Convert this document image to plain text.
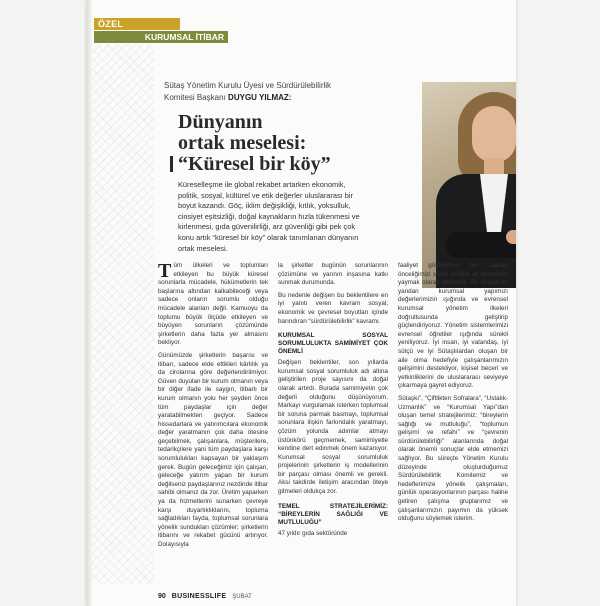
ÖZEL
KURUMSAL İTİBAR
Sütaş Yönetim Kurulu Üyesi ve Sürdürülebilirlik Komitesi Başkanı DUYGU YILMAZ:
Dünyanın
ortak meselesi:
“Küresel bir köy”
Küreselleşme ile global rekabet artarken ekonomik, politik, sosyal, kültürel ve etik değerler uluslararası bir boyut kazandı. Göç, iklim değişikliği, kıtlık, yoksulluk, cinsiyet eşitsizliği, doğal kaynakların hızla tükenmesi ve kirlenmesi, gıda güvenilirliği, arz güvenliği gibi pek çok konu artık “küresel bir köy” olarak tanımlanan dünyanın ortak meselesi.

Tüm ülkeleri ve toplumları etkileyen bu büyük küresel sorunlarla mücadele, hükümetlerin tek başlarına altından kalkabileceği veya sadece onların sorumlu olduğu mücadele alanları değil. Kamuoyu da toplumu büyük ölçüde etkileyen ve büyüyen sorunların çözümünde şirketlerin daha fazla yer almasını bekliyor.

Günümüzde şirketlerin başarısı ve itibarı, sadece elde ettikleri kârlılık ya da cirolarına göre değerlendirilmiyor. Güven duyulan bir kurum olmanın veya bir diğer ifade ile saygın, itibarlı bir kurum olmanın yolu her şeyden önce tüm paydaşlar için değer yaratabilmekten geçiyor. Sadece hissedarlara ve yatırımcılara ekonomik değer yaratmanın çok daha ötesine geçebilmek, çalışanlara, müşterilere, tedarikçilere yani tüm paydaşlara karşı sorumlulukları kapsayan bir yaklaşım gerek. Bugün geleceğimiz için çalışan, geleceğe yatırım yapan bir kurum değilseniz paydaşlarınız nezdinde itibar sahibi olmanız da zor. Üretim yaparken ya da hizmetlerini sunarken çevreye karşı duyarlıklıklarını, topluma sağladıkları fayda, toplumsal sorunlara yönelik sundukları çözümler; şirketlerin itibarını ve rekabet gücünü artırıyor. Dolayısıyla

la şirketler bugünün sorunlarının çözümüne ve yarının inşasına katkı sunmak durumunda.

Bu nedenle değişen bu beklentilere en iyi yanıtı veren kavram sosyal, ekonomik ve çevresel boyutları içinde barındıran “sürdürülebilirlik” kavramı.

KURUMSAL SOSYAL SORUMLULUKTA SAMİMİYET ÇOK ÖNEMLİ

Değişen beklentiler, son yıllarda kurumsal sosyal sorumluluk adı altına geliştirilen proje sayısını da doğal olarak artırdı. Burada samimiyetin çok değerli olduğunu düşünüyorum. Markayı vurgulamak isterken toplumsal bir soruna parmak basmayı, toplumsal sorunlara ilişkin farkındalık yaratmayı, çözüm yolunda adımlar atmayı üstünkörü geçmemek, samimiyetle kendine dert edinmek önem kazanıyor. Kurumsal sosyal sorumluluk projelerinin şirketlerin iş modellerinin bir parçası olması önemli ve gerekli. Aksi takdirde iletişim aracından öteye gitmeleri oldukça zor.

TEMEL STRATEJİLERİMİZ: “BİREYLERİN SAĞLIĞI VE MUTLULUĞU”

47 yıldır gıda sektöründe

faaliyet gösterirken her zaman önceliğimizi sütün iyiliğini ve bereketini yaymak olarak belirledik. Bu sırada bir yandan kurumsal yapımızı değerlerimizin ışığında ve evrensel kurumsal yönetim ilkeleri doğrultusunda geliştirip güçlendiriyoruz. Yönetim sistemlerimizi evrensel öğretiler ışığında sürekli yeniliyoruz. İyi insan, iyi vatandaş, iyi sütçü ve iyi Sütaşlılardan oluşan bir aile olma hedefiyle çalışanlarımızın gelişimini destekliyor, kişisel beceri ve yetkinliklerini de uluslararası seviyeye çıkarmaya gayret ediyoruz.

Sütaşkı”, “Çiftlikten Sofralara”, “Ustalık-Uzmanlık” ve “Kurumsal Yapı”dan oluşan temel stratejilerimiz; “bireylerin sağlığı ve mutluluğu”, “toplumun gelişimi ve refahı” ve “çevrenin sürdürülebilirliği” alanlarında doğal olarak önemli sonuçlar elde etmemizi sağlıyor. Bu süreçte Yönetim Kurulu düzeyinde oluşturduğumuz Sürdürülebilirlik Komitemiz ve hedeflerimize yönelik çalışmaları, günlük operasyonlarının parçası haline getiren çalışma gruplarımız ve çalışanlarımızın payımın da yüksek olduğunu söylemek isterim.

90 BUSINESSLIFE ŞUBAT
